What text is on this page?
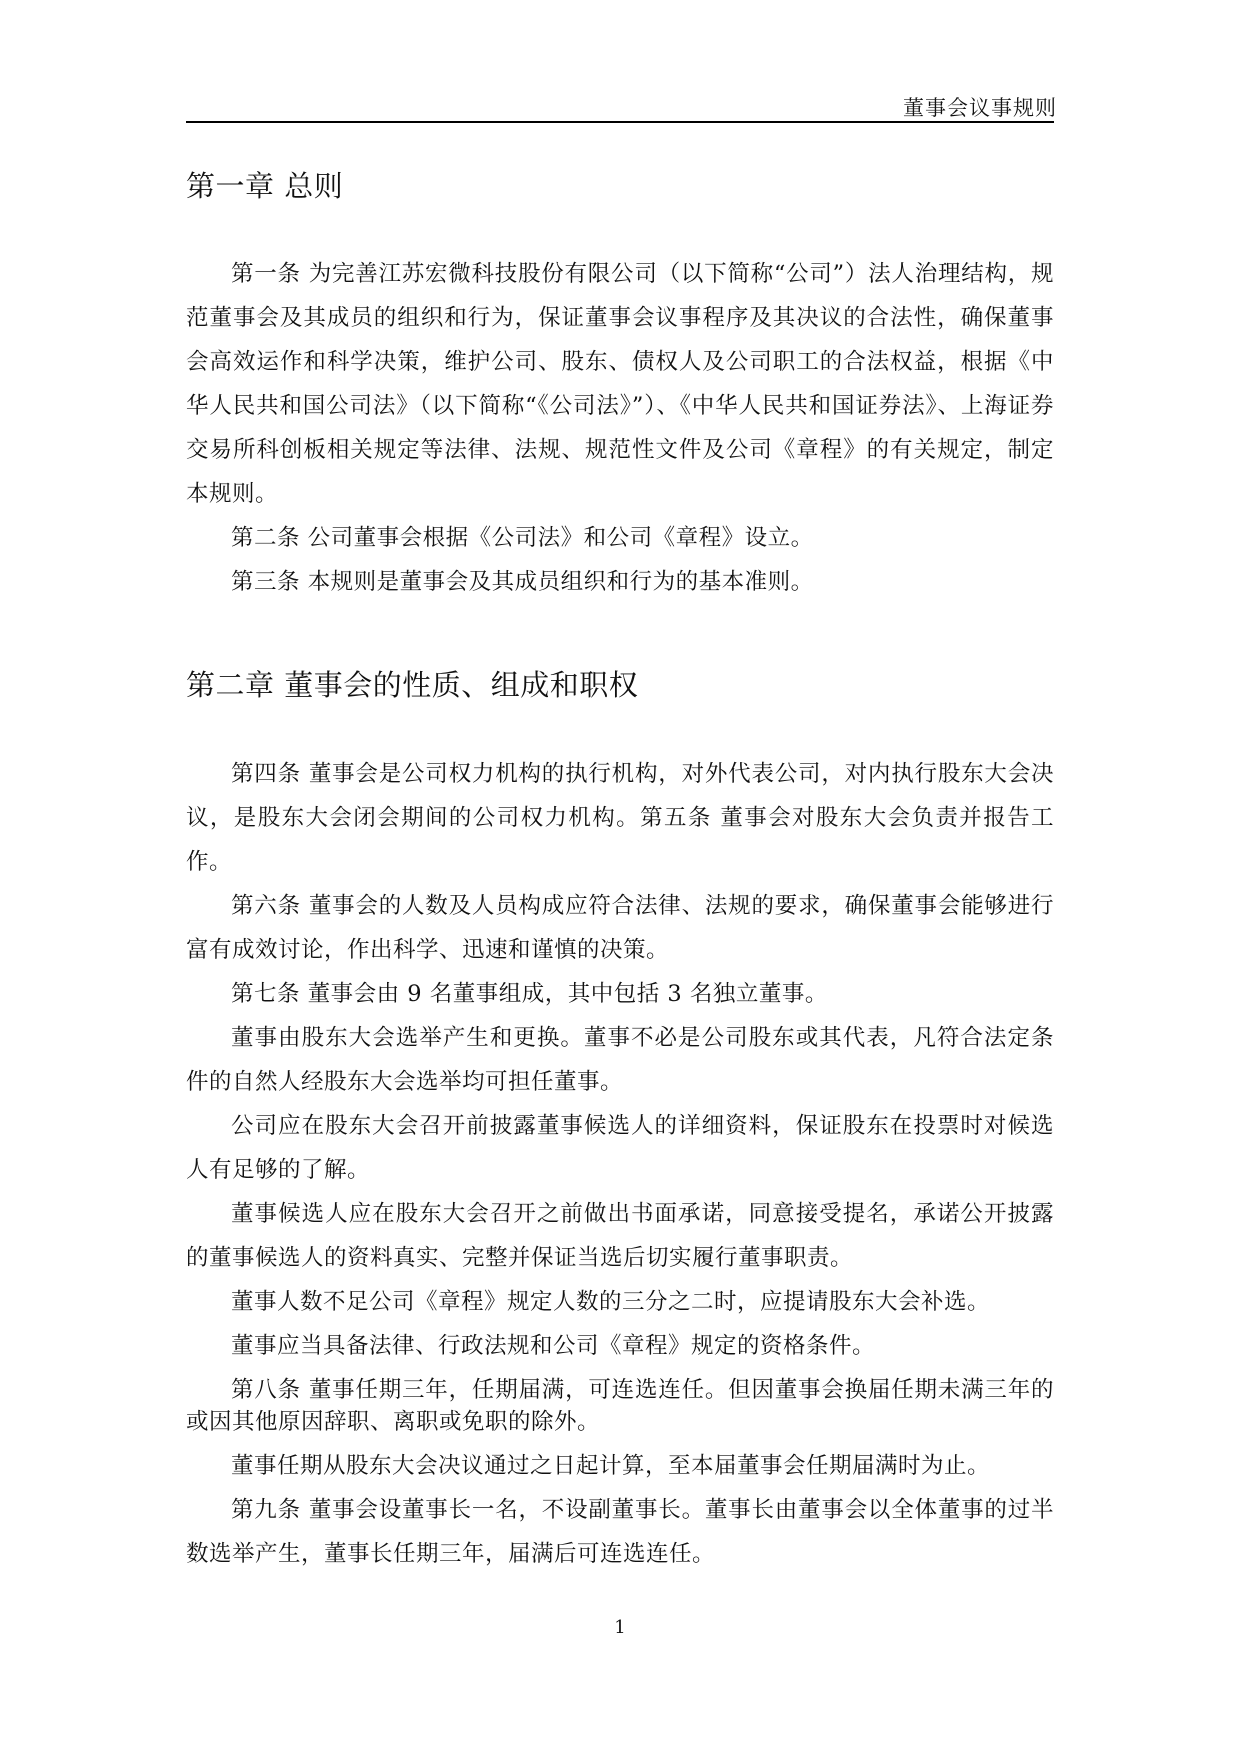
董事会议事规则
第一章 总则

第一条 为完善江苏宏微科技股份有限公司（以下简称“公司”）法人治理结构，规范董事会及其成员的组织和行为，保证董事会议事程序及其决议的合法性，确保董事会高效运作和科学决策，维护公司、股东、债权人及公司职工的合法权益，根据《中华人民共和国公司法》（以下简称“《公司法》”）、《中华人民共和国证券法》、上海证券交易所科创板相关规定等法律、法规、规范性文件及公司《章程》的有关规定，制定本规则。

第二条 公司董事会根据《公司法》和公司《章程》设立。

第三条 本规则是董事会及其成员组织和行为的基本准则。

第二章 董事会的性质、组成和职权

第四条 董事会是公司权力机构的执行机构，对外代表公司，对内执行股东大会决议，是股东大会闭会期间的公司权力机构。第五条 董事会对股东大会负责并报告工作。

第六条 董事会的人数及人员构成应符合法律、法规的要求，确保董事会能够进行富有成效讨论，作出科学、迅速和谨慎的决策。

第七条 董事会由 9 名董事组成，其中包括 3 名独立董事。

董事由股东大会选举产生和更换。董事不必是公司股东或其代表，凡符合法定条件的自然人经股东大会选举均可担任董事。

公司应在股东大会召开前披露董事候选人的详细资料，保证股东在投票时对候选人有足够的了解。

董事候选人应在股东大会召开之前做出书面承诺，同意接受提名，承诺公开披露的董事候选人的资料真实、完整并保证当选后切实履行董事职责。

董事人数不足公司《章程》规定人数的三分之二时，应提请股东大会补选。

董事应当具备法律、行政法规和公司《章程》规定的资格条件。

第八条 董事任期三年，任期届满，可连选连任。但因董事会换届任期未满三年的或因其他原因辞职、离职或免职的除外。

董事任期从股东大会决议通过之日起计算，至本届董事会任期届满时为止。

第九条 董事会设董事长一名，不设副董事长。董事长由董事会以全体董事的过半数选举产生，董事长任期三年，届满后可连选连任。

1
